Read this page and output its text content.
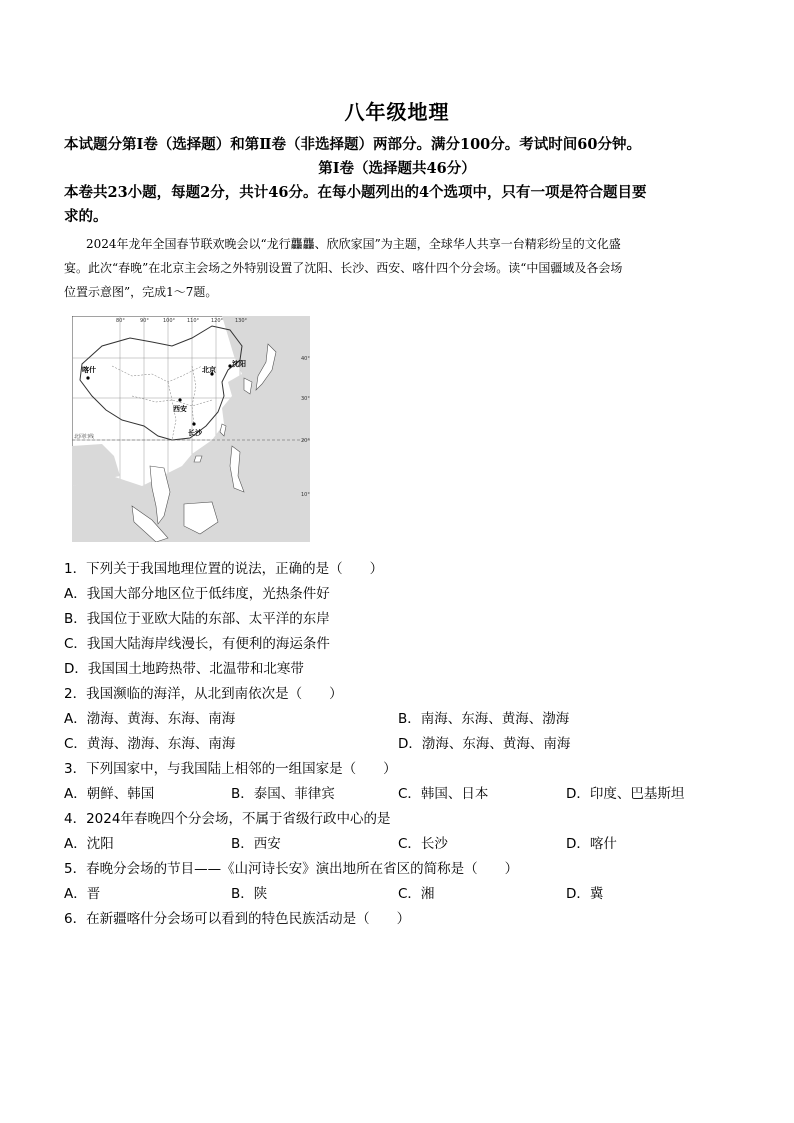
八年级地理
本试题分第Ⅰ卷（选择题）和第Ⅱ卷（非选择题）两部分。满分100分。考试时间60分钟。
第Ⅰ卷（选择题共46分）
本卷共23小题，每题2分，共计46分。在每小题列出的4个选项中，只有一项是符合题目要
求的。
2024年龙年全国春节联欢晚会以“龙行龘龘、欣欣家国”为主题，全球华人共享一台精彩纷呈的文化盛
宴。此次“春晚”在北京主会场之外特别设置了沈阳、长沙、西安、喀什四个分会场。读“中国疆域及各会场
位置示意图”，完成1～7题。
80°	90°	100° 110° 120° 130°
40°
30°
20°
10°
喀什	北京
沈阳
西安
长沙
北回归线
1．下列关于我国地理位置的说法，正确的是（　　）
A．我国大部分地区位于低纬度，光热条件好
B．我国位于亚欧大陆的东部、太平洋的东岸
C．我国大陆海岸线漫长，有便利的海运条件
D．我国国土地跨热带、北温带和北寒带
2．我国濒临的海洋，从北到南依次是（　　）
A．渤海、黄海、东海、南海	B．南海、东海、黄海、渤海
C．黄海、渤海、东海、南海	D．渤海、东海、黄海、南海
3．下列国家中，与我国陆上相邻的一组国家是（　　）
A．朝鲜、韩国	B．泰国、菲律宾	C．韩国、日本	D．印度、巴基斯坦
4．2024年春晚四个分会场，不属于省级行政中心的是
A．沈阳	B．西安	C．长沙	D．喀什
5．春晚分会场的节目——《山河诗长安》演出地所在省区的简称是（　　）
A．晋	B．陕	C．湘	D．冀
6．在新疆喀什分会场可以看到的特色民族活动是（　　）
